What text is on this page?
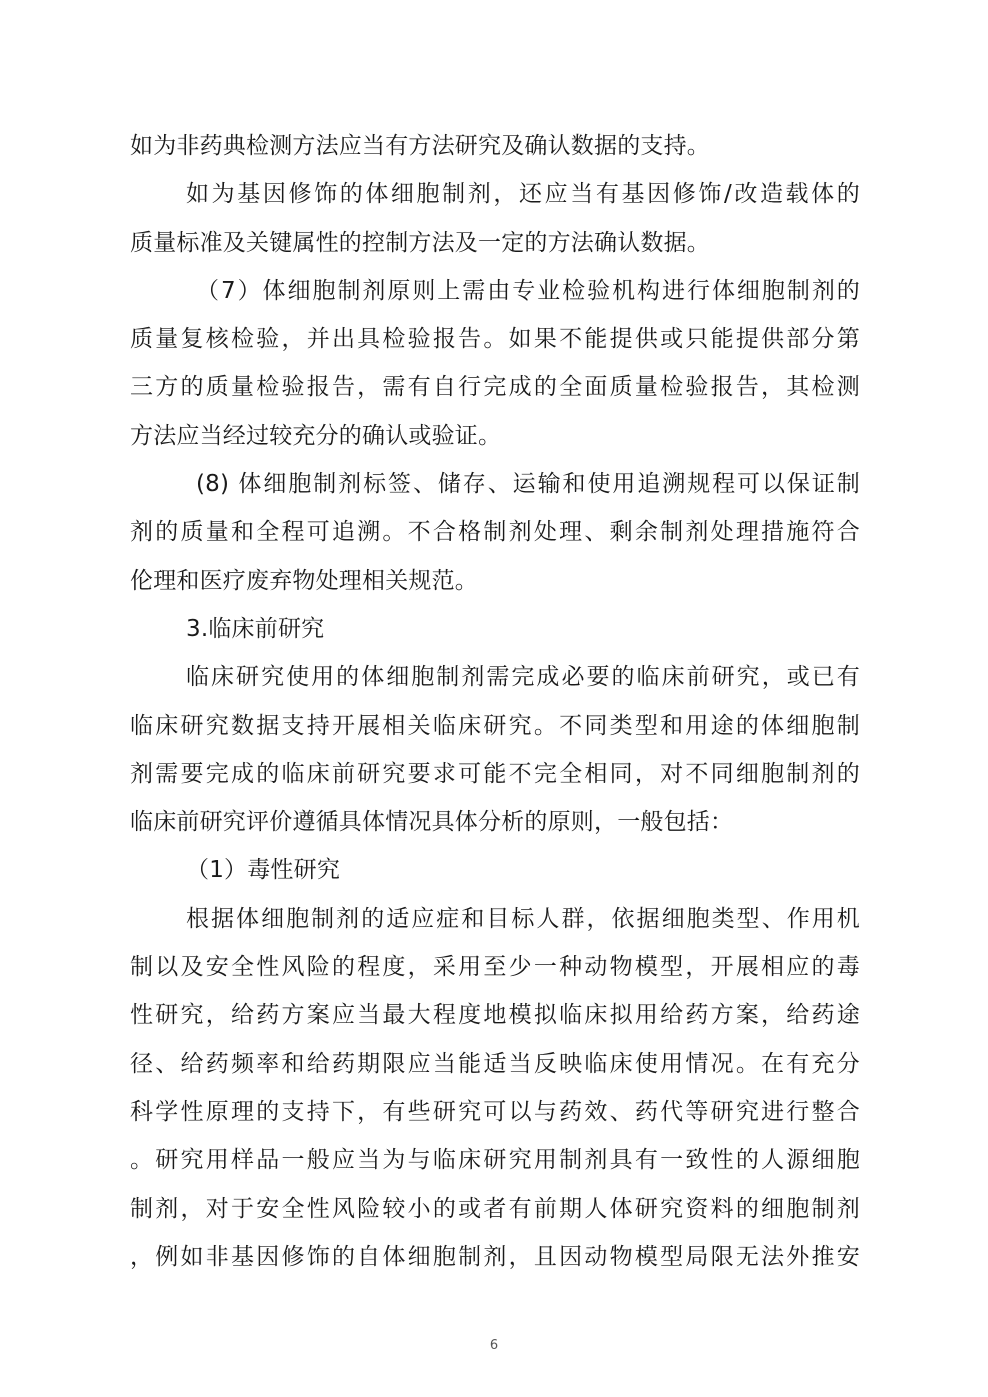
如为非药典检测方法应当有方法研究及确认数据的支持。
如为基因修饰的体细胞制剂，还应当有基因修饰/改造载体的
质量标准及关键属性的控制方法及一定的方法确认数据。
（7）体细胞制剂原则上需由专业检验机构进行体细胞制剂的
质量复核检验，并出具检验报告。如果不能提供或只能提供部分第
三方的质量检验报告，需有自行完成的全面质量检验报告，其检测
方法应当经过较充分的确认或验证。
(8) 体细胞制剂标签、储存、运输和使用追溯规程可以保证制
剂的质量和全程可追溯。不合格制剂处理、剩余制剂处理措施符合
伦理和医疗废弃物处理相关规范。
3.临床前研究
临床研究使用的体细胞制剂需完成必要的临床前研究，或已有
临床研究数据支持开展相关临床研究。不同类型和用途的体细胞制
剂需要完成的临床前研究要求可能不完全相同，对不同细胞制剂的
临床前研究评价遵循具体情况具体分析的原则，一般包括：
（1）毒性研究
根据体细胞制剂的适应症和目标人群，依据细胞类型、作用机
制以及安全性风险的程度，采用至少一种动物模型，开展相应的毒
性研究，给药方案应当最大程度地模拟临床拟用给药方案，给药途
径、给药频率和给药期限应当能适当反映临床使用情况。在有充分
科学性原理的支持下，有些研究可以与药效、药代等研究进行整合
。研究用样品一般应当为与临床研究用制剂具有一致性的人源细胞
制剂，对于安全性风险较小的或者有前期人体研究资料的细胞制剂
，例如非基因修饰的自体细胞制剂，且因动物模型局限无法外推安
6
